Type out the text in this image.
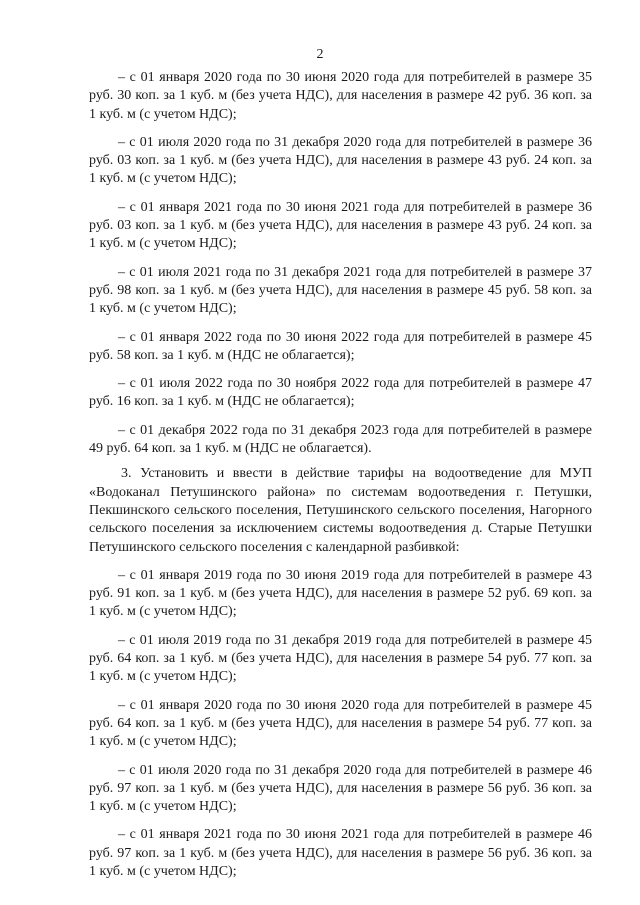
2

– с 01 января 2020 года по 30 июня 2020 года для потребителей в размере 35 руб. 30 коп. за 1 куб. м (без учета НДС), для населения в размере 42 руб. 36 коп. за 1 куб. м (с учетом НДС);

– с 01 июля 2020 года по 31 декабря 2020 года для потребителей в размере 36 руб. 03 коп. за 1 куб. м (без учета НДС), для населения в размере 43 руб. 24 коп. за 1 куб. м (с учетом НДС);

– с 01 января 2021 года по 30 июня 2021 года для потребителей в размере 36 руб. 03 коп. за 1 куб. м (без учета НДС), для населения в размере 43 руб. 24 коп. за 1 куб. м (с учетом НДС);

– с 01 июля 2021 года по 31 декабря 2021 года для потребителей в размере 37 руб. 98 коп. за 1 куб. м (без учета НДС), для населения в размере 45 руб. 58 коп. за 1 куб. м (с учетом НДС);

– с 01 января 2022 года по 30 июня 2022 года для потребителей в размере 45 руб. 58 коп. за 1 куб. м (НДС не облагается);

– с 01 июля 2022 года по 30 ноября 2022 года для потребителей в размере 47 руб. 16 коп. за 1 куб. м (НДС не облагается);

– с 01 декабря 2022 года по 31 декабря 2023 года для потребителей в размере 49 руб. 64 коп. за 1 куб. м (НДС не облагается).

3. Установить и ввести в действие тарифы на водоотведение для МУП «Водоканал Петушинского района» по системам водоотведения г. Петушки, Пекшинского сельского поселения, Петушинского сельского поселения, Нагорного сельского поселения за исключением системы водоотведения д. Старые Петушки Петушинского сельского поселения с календарной разбивкой:

– с 01 января 2019 года по 30 июня 2019 года для потребителей в размере 43 руб. 91 коп. за 1 куб. м (без учета НДС), для населения в размере 52 руб. 69 коп. за 1 куб. м (с учетом НДС);

– с 01 июля 2019 года по 31 декабря 2019 года для потребителей в размере 45 руб. 64 коп. за 1 куб. м (без учета НДС), для населения в размере 54 руб. 77 коп. за 1 куб. м (с учетом НДС);

– с 01 января 2020 года по 30 июня 2020 года для потребителей в размере 45 руб. 64 коп. за 1 куб. м (без учета НДС), для населения в размере 54 руб. 77 коп. за 1 куб. м (с учетом НДС);

– с 01 июля 2020 года по 31 декабря 2020 года для потребителей в размере 46 руб. 97 коп. за 1 куб. м (без учета НДС), для населения в размере 56 руб. 36 коп. за 1 куб. м (с учетом НДС);

– с 01 января 2021 года по 30 июня 2021 года для потребителей в размере 46 руб. 97 коп. за 1 куб. м (без учета НДС), для населения в размере 56 руб. 36 коп. за 1 куб. м (с учетом НДС);
